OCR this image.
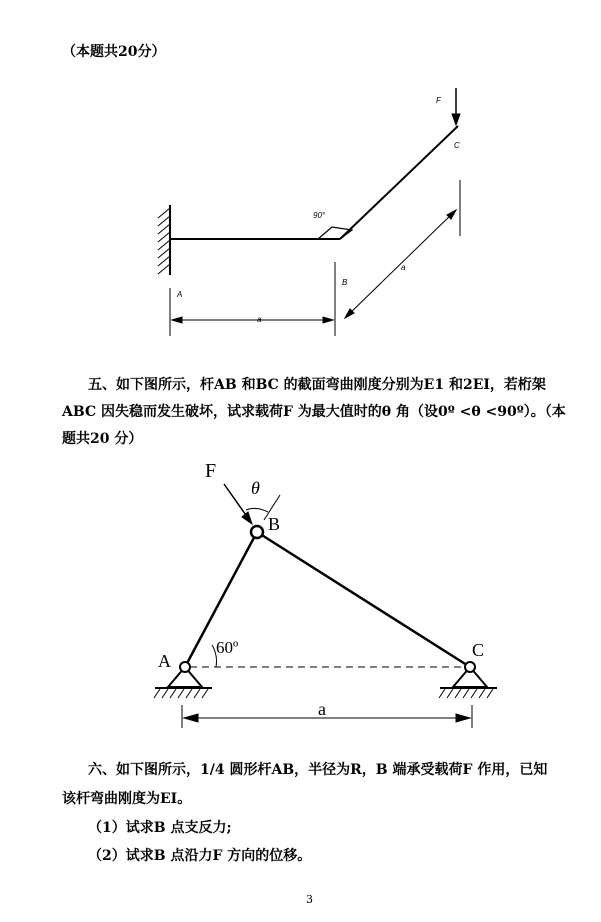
（本题共20分）
F
C
90°
B
A
a
a
F
θ
B
A
C
60º
a
五、如下图所示，杆AB 和BC 的截面弯曲刚度分别为E1 和2EI，若桁架
ABC 因失稳而发生破坏，试求载荷F 为最大值时的θ 角（设0º <θ <90º）。（本
题共20 分）
六、如下图所示，1/4 圆形杆AB，半径为R，B 端承受载荷F 作用，已知
该杆弯曲刚度为EI。
（1）试求B 点支反力;
（2）试求B 点沿力F 方向的位移。
3
